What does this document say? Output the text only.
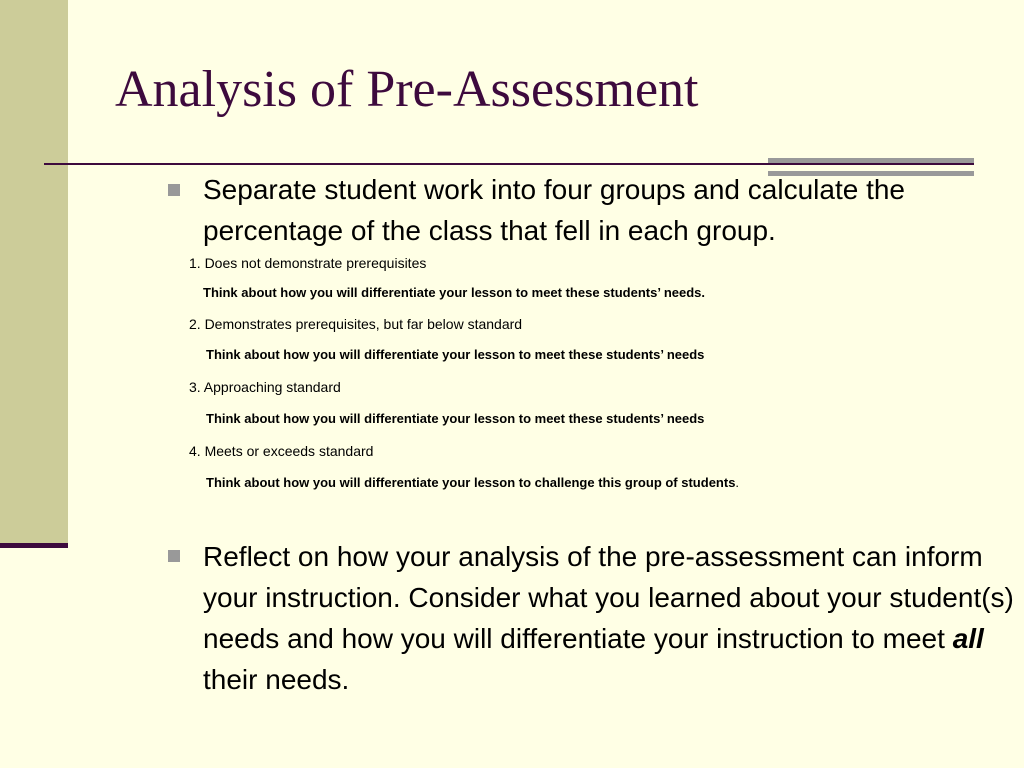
Analysis of Pre-Assessment
Separate student work into four groups and calculate the percentage of the class that fell in each group.
1. Does not demonstrate prerequisites
Think about how you will differentiate your lesson to meet these students’ needs.
2. Demonstrates prerequisites, but far below standard
Think about how you will differentiate your lesson to meet these students’ needs
3. Approaching standard
Think about how you will differentiate your lesson to meet these students’ needs
4. Meets or exceeds standard
Think about how you will differentiate your lesson to challenge this group of students.
Reflect on how your analysis of the pre-assessment can inform your instruction. Consider what you learned about your student(s) needs and how you will differentiate your instruction to meet all their needs.
